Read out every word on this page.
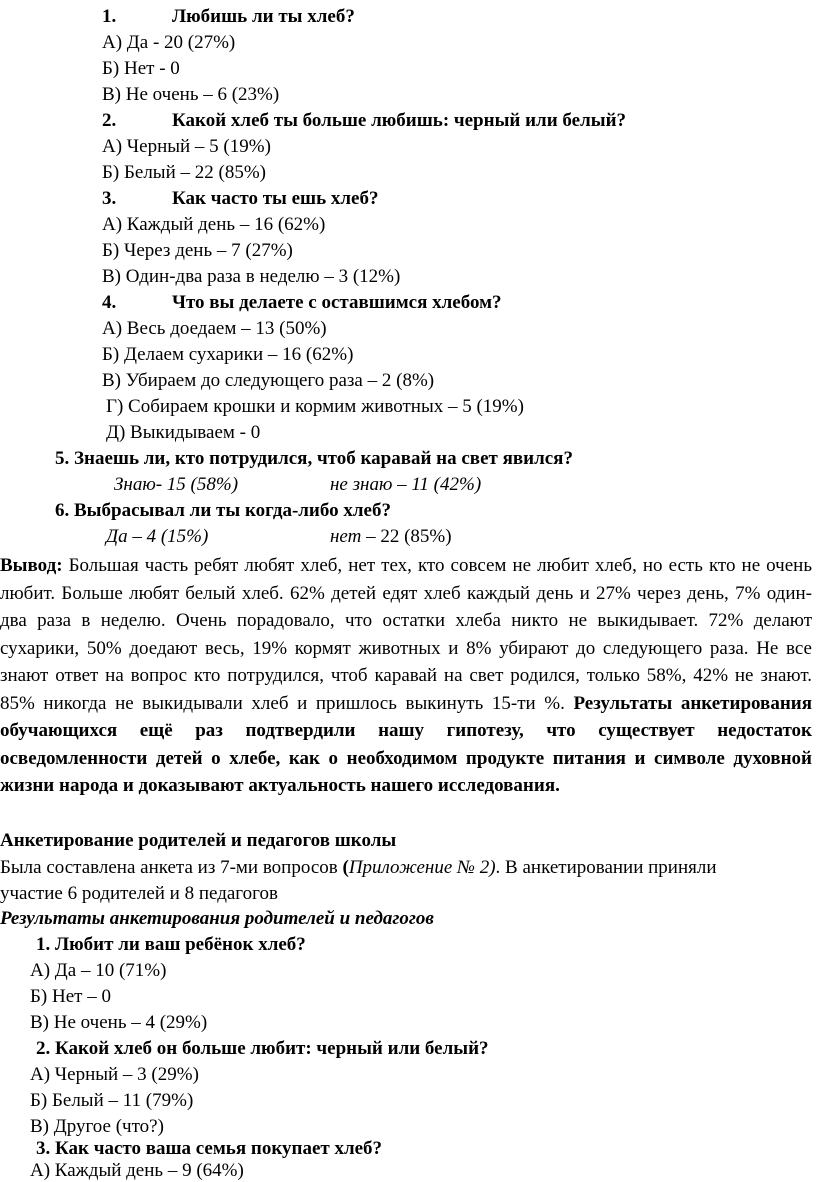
1.	Любишь ли ты хлеб?
А) Да - 20 (27%)
Б) Нет - 0
В) Не очень – 6 (23%)
2.	Какой хлеб ты больше любишь: черный или белый?
А) Черный – 5 (19%)
Б) Белый – 22 (85%)
3.	Как часто ты ешь хлеб?
А) Каждый день – 16 (62%)
Б) Через день – 7 (27%)
В) Один-два раза в неделю – 3 (12%)
4.	Что вы делаете с оставшимся хлебом?
А) Весь доедаем – 13 (50%)
Б) Делаем сухарики – 16 (62%)
В) Убираем до следующего раза – 2 (8%)
Г) Собираем крошки и кормим животных – 5 (19%)
Д) Выкидываем - 0
5. Знаешь ли, кто потрудился, чтоб каравай на свет явился?
Знаю- 15 (58%)	не знаю – 11 (42%)
6. Выбрасывал ли ты когда-либо хлеб?
Да – 4 (15%)	нет – 22 (85%)
Вывод: Большая часть ребят любят хлеб, нет тех, кто совсем не любит хлеб, но есть кто не очень любит. Больше любят белый хлеб. 62% детей едят хлеб каждый день и 27% через день, 7% один-два раза в неделю. Очень порадовало, что остатки хлеба никто не выкидывает. 72% делают сухарики, 50% доедают весь, 19% кормят животных и 8% убирают до следующего раза. Не все знают ответ на вопрос кто потрудился, чтоб каравай на свет родился, только 58%, 42% не знают. 85% никогда не выкидывали хлеб и пришлось выкинуть 15-ти %. Результаты анкетирования обучающихся ещё раз подтвердили нашу гипотезу, что существует недостаток осведомленности детей о хлебе, как о необходимом продукте питания и символе духовной жизни народа и доказывают актуальность нашего исследования.
Анкетирование родителей и педагогов школы
Была составлена анкета из 7-ми вопросов (Приложение № 2). В анкетировании приняли
участие 6 родителей и 8 педагогов
Результаты анкетирования родителей и педагогов
1. Любит ли ваш ребёнок хлеб?
А) Да – 10 (71%)
Б) Нет – 0
В) Не очень – 4 (29%)
2. Какой хлеб он больше любит: черный или белый?
А) Черный – 3 (29%)
Б) Белый – 11 (79%)
В) Другое (что?)
3. Как часто ваша семья покупает хлеб?
А) Каждый день – 9 (64%)
